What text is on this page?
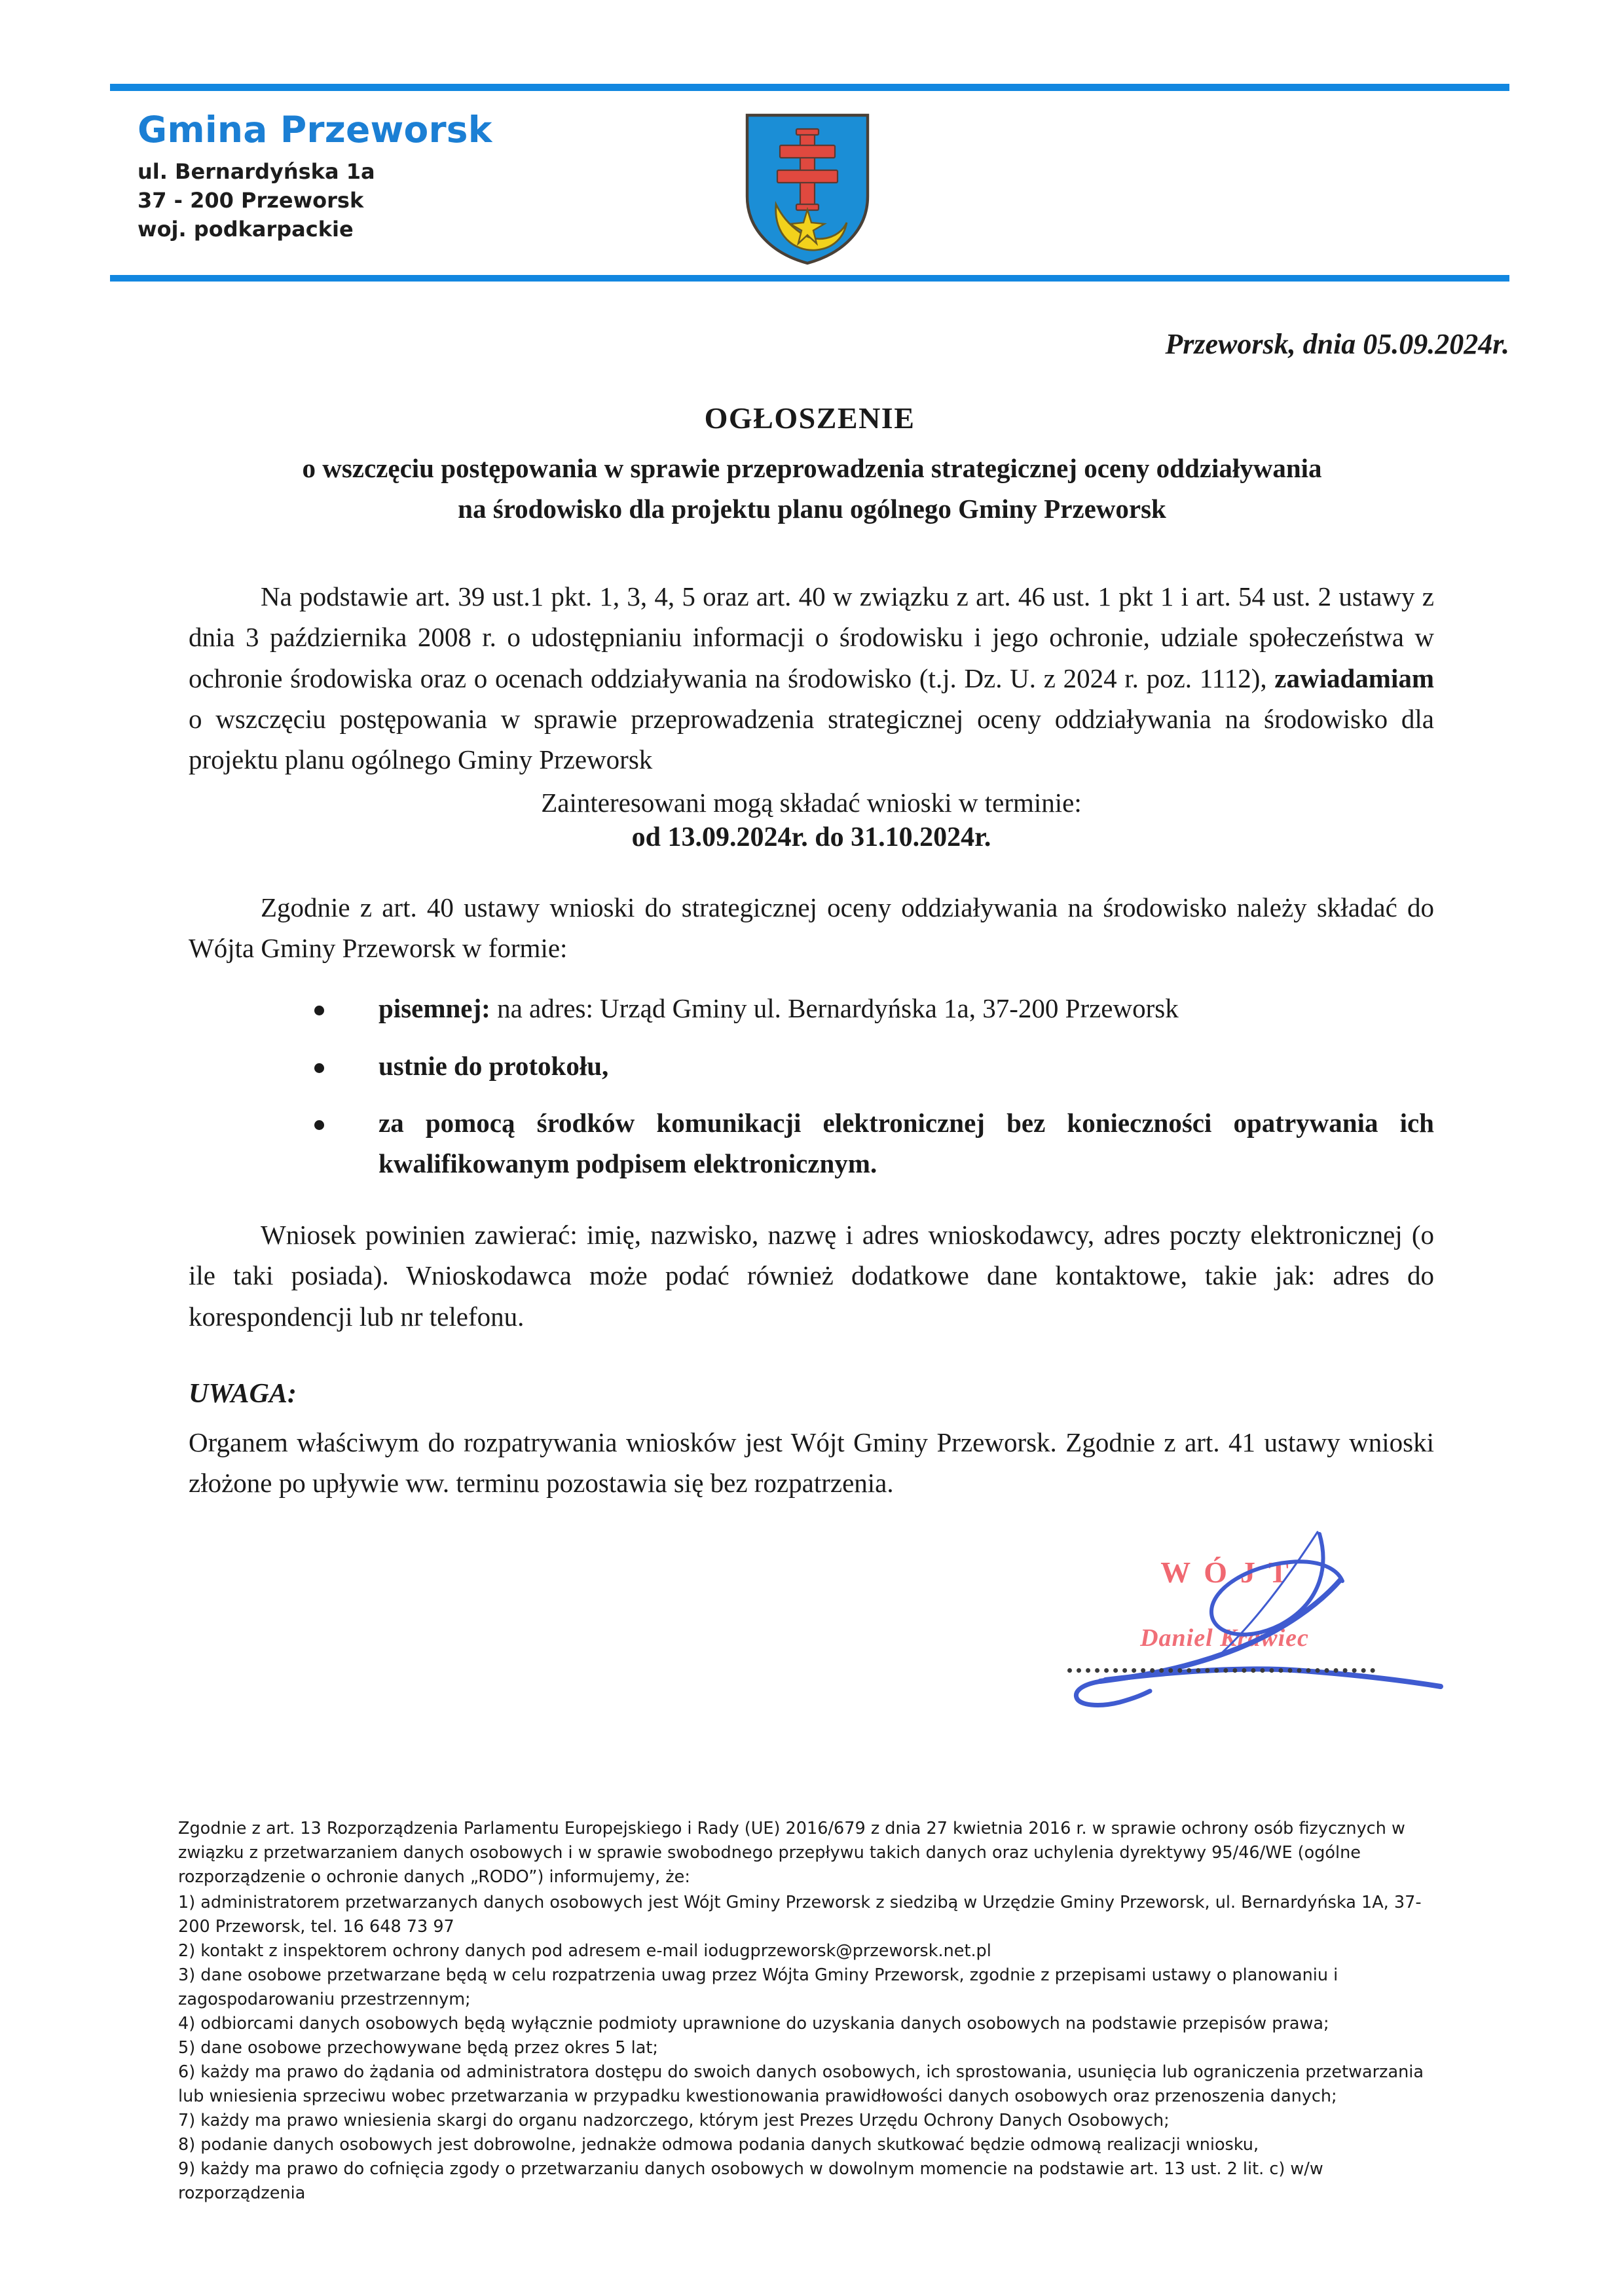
Gmina Przeworsk
ul. Bernardyńska 1a
37 - 200 Przeworsk
woj. podkarpackie
Przeworsk, dnia 05.09.2024r.
OGŁOSZENIE
o wszczęciu postępowania w sprawie przeprowadzenia strategicznej oceny oddziaływania
na środowisko dla projektu planu ogólnego Gminy Przeworsk
Na podstawie art. 39 ust.1 pkt. 1, 3, 4, 5 oraz art. 40 w związku z art. 46 ust. 1 pkt 1 i art. 54 ust. 2 ustawy z dnia 3 października 2008 r. o udostępnianiu informacji o środowisku i jego ochronie, udziale społeczeństwa w ochronie środowiska oraz o ocenach oddziaływania na środowisko (t.j. Dz. U. z 2024 r. poz. 1112), zawiadamiam o wszczęciu postępowania w sprawie przeprowadzenia strategicznej oceny oddziaływania na środowisko dla projektu planu ogólnego Gminy Przeworsk
Zainteresowani mogą składać wnioski w terminie:
od 13.09.2024r. do 31.10.2024r.
Zgodnie z art. 40 ustawy wnioski do strategicznej oceny oddziaływania na środowisko należy składać do Wójta Gminy Przeworsk w formie:
pisemnej: na adres: Urząd Gminy ul. Bernardyńska 1a, 37-200 Przeworsk
ustnie do protokołu,
za pomocą środków komunikacji elektronicznej bez konieczności opatrywania ich kwalifikowanym podpisem elektronicznym.
Wniosek powinien zawierać: imię, nazwisko, nazwę i adres wnioskodawcy, adres poczty elektronicznej (o ile taki posiada). Wnioskodawca może podać również dodatkowe dane kontaktowe, takie jak: adres do korespondencji lub nr telefonu.
UWAGA:
Organem właściwym do rozpatrywania wniosków jest Wójt Gminy Przeworsk. Zgodnie z art. 41 ustawy wnioski złożone po upływie ww. terminu pozostawia się bez rozpatrzenia.
WÓJT
Daniel Krawiec

Zgodnie z art. 13 Rozporządzenia Parlamentu Europejskiego i Rady (UE) 2016/679 z dnia 27 kwietnia 2016 r. w sprawie ochrony osób fizycznych w związku z przetwarzaniem danych osobowych i w sprawie swobodnego przepływu takich danych oraz uchylenia dyrektywy 95/46/WE (ogólne rozporządzenie o ochronie danych „RODO”) informujemy, że:

1) administratorem przetwarzanych danych osobowych jest Wójt Gminy Przeworsk z siedzibą w Urzędzie Gminy Przeworsk, ul. Bernardyńska 1A, 37-200 Przeworsk, tel. 16 648 73 97

2) kontakt z inspektorem ochrony danych pod adresem e-mail iodugprzeworsk@przeworsk.net.pl

3) dane osobowe przetwarzane będą w celu rozpatrzenia uwag przez Wójta Gminy Przeworsk, zgodnie z przepisami ustawy o planowaniu i zagospodarowaniu przestrzennym;

4) odbiorcami danych osobowych będą wyłącznie podmioty uprawnione do uzyskania danych osobowych na podstawie przepisów prawa;

5) dane osobowe przechowywane będą przez okres 5 lat;

6) każdy ma prawo do żądania od administratora dostępu do swoich danych osobowych, ich sprostowania, usunięcia lub ograniczenia przetwarzania lub wniesienia sprzeciwu wobec przetwarzania w przypadku kwestionowania prawidłowości danych osobowych oraz przenoszenia danych;

7) każdy ma prawo wniesienia skargi do organu nadzorczego, którym jest Prezes Urzędu Ochrony Danych Osobowych;

8) podanie danych osobowych jest dobrowolne, jednakże odmowa podania danych skutkować będzie odmową realizacji wniosku,

9) każdy ma prawo do cofnięcia zgody o przetwarzaniu danych osobowych w dowolnym momencie na podstawie art. 13 ust. 2 lit. c) w/w rozporządzenia
